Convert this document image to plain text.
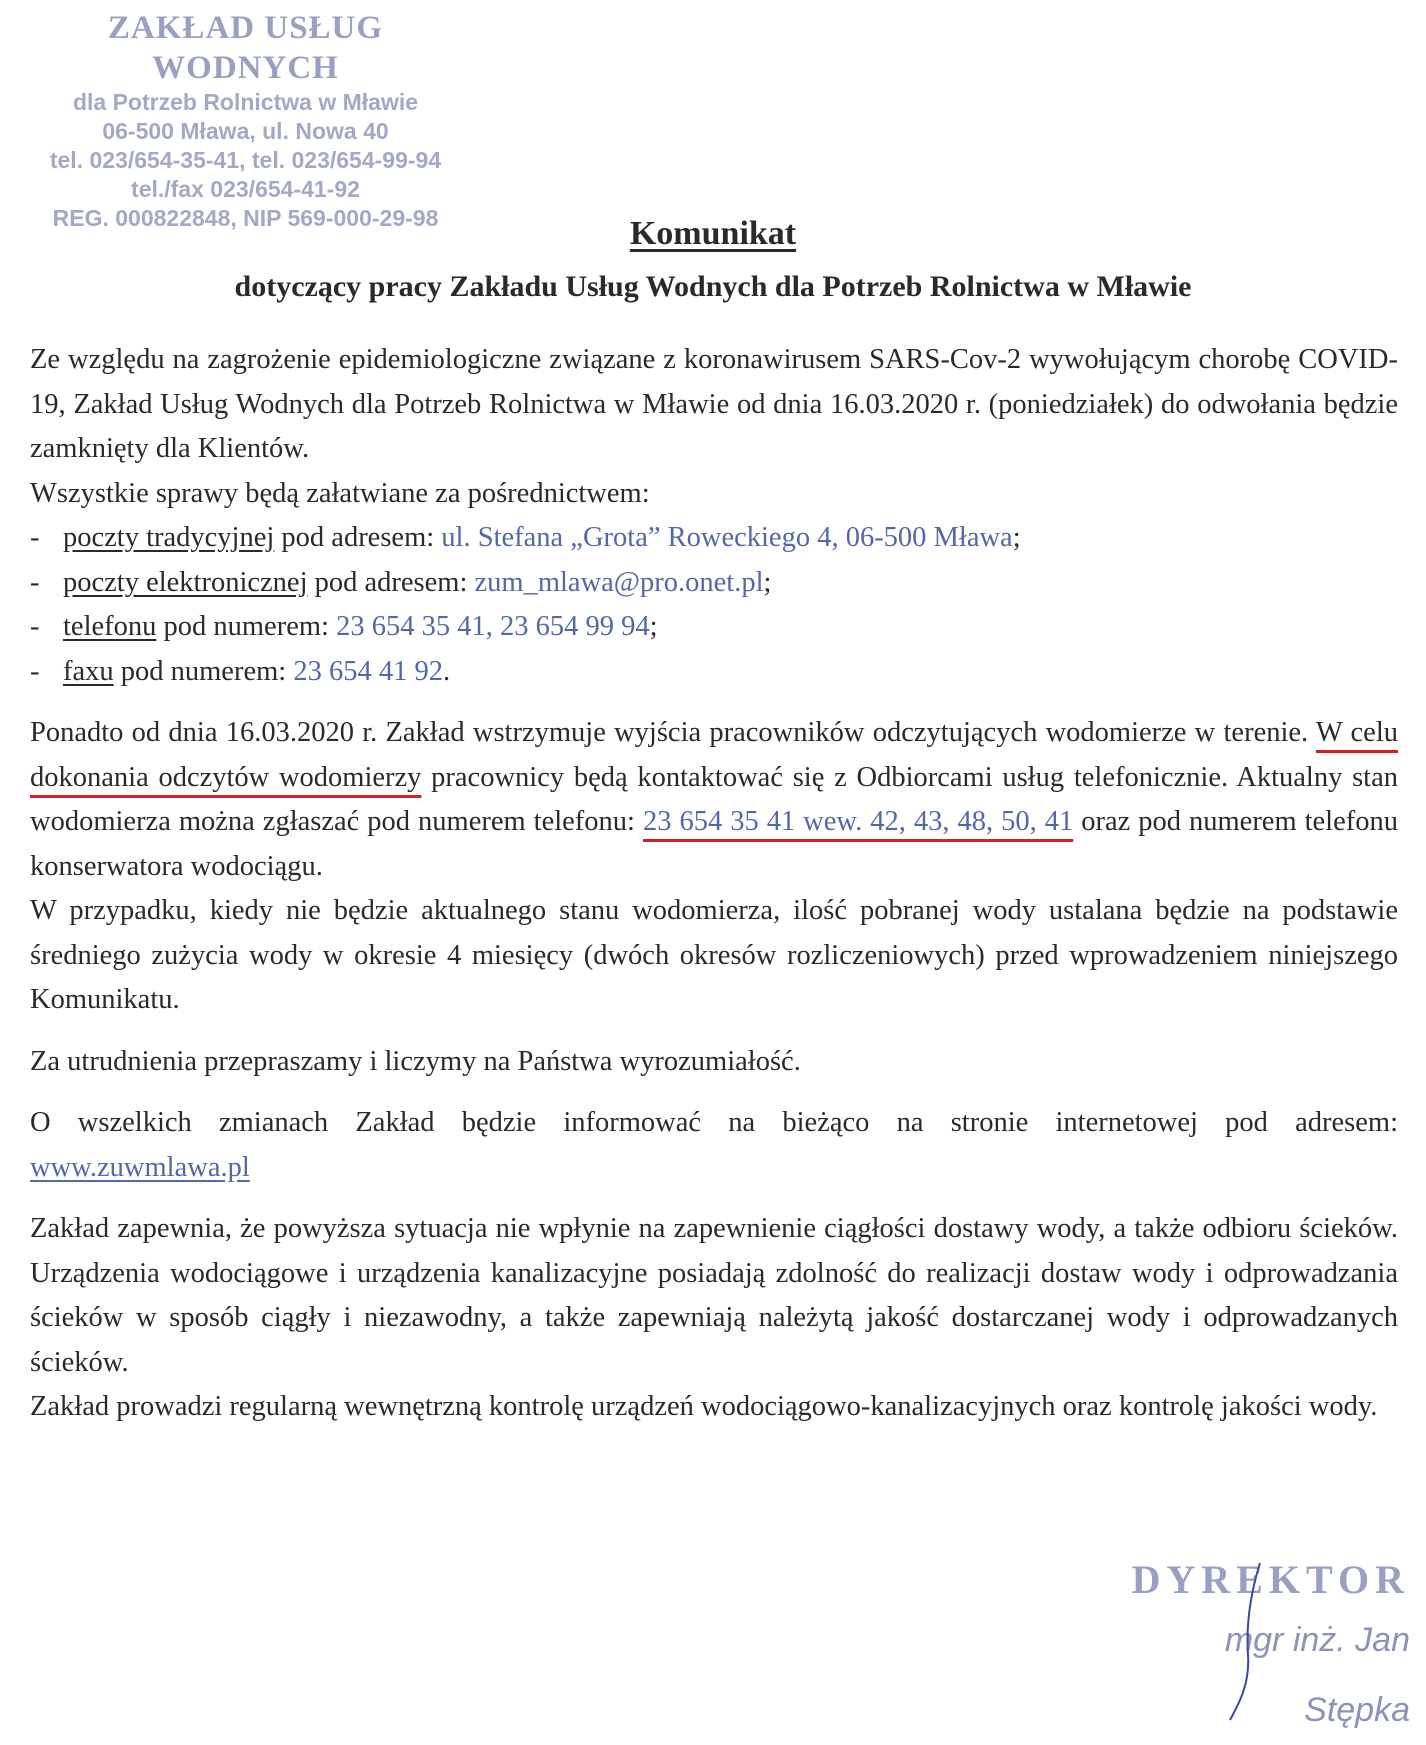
ZAKŁAD USŁUG WODNYCH
dla Potrzeb Rolnictwa w Mławie
06-500 Mława, ul. Nowa 40
tel. 023/654-35-41, tel. 023/654-99-94
tel./fax 023/654-41-92
REG. 000822848, NIP 569-000-29-98	Komunikat
dotyczący pracy Zakładu Usług Wodnych dla Potrzeb Rolnictwa w Mławie

Ze względu na zagrożenie epidemiologiczne związane z koronawirusem SARS-Cov-2 wywołującym chorobę COVID-19, Zakład Usług Wodnych dla Potrzeb Rolnictwa w Mławie od dnia 16.03.2020 r. (poniedziałek) do odwołania będzie zamknięty dla Klientów.

Wszystkie sprawy będą załatwiane za pośrednictwem:

- poczty tradycyjnej pod adresem: ul. Stefana „Grota” Roweckiego 4, 06-500 Mława;
- poczty elektronicznej pod adresem: zum_mlawa@pro.onet.pl;
- telefonu pod numerem: 23 654 35 41, 23 654 99 94;
- faxu pod numerem: 23 654 41 92.

Ponadto od dnia 16.03.2020 r. Zakład wstrzymuje wyjścia pracowników odczytujących wodomierze w terenie. W celu dokonania odczytów wodomierzy pracownicy będą kontaktować się z Odbiorcami usług telefonicznie. Aktualny stan wodomierza można zgłaszać pod numerem telefonu: 23 654 35 41 wew. 42, 43, 48, 50, 41 oraz pod numerem telefonu konserwatora wodociągu.

W przypadku, kiedy nie będzie aktualnego stanu wodomierza, ilość pobranej wody ustalana będzie na podstawie średniego zużycia wody w okresie 4 miesięcy (dwóch okresów rozliczeniowych) przed wprowadzeniem niniejszego Komunikatu.

Za utrudnienia przepraszamy i liczymy na Państwa wyrozumiałość.

O wszelkich zmianach Zakład będzie informować na bieżąco na stronie internetowej pod adresem:

www.zuwmlawa.pl

Zakład zapewnia, że powyższa sytuacja nie wpłynie na zapewnienie ciągłości dostawy wody, a także odbioru ścieków. Urządzenia wodociągowe i urządzenia kanalizacyjne posiadają zdolność do realizacji dostaw wody i odprowadzania ścieków w sposób ciągły i niezawodny, a także zapewniają należytą jakość dostarczanej wody i odprowadzanych ścieków.

Zakład prowadzi regularną wewnętrzną kontrolę urządzeń wodociągowo-kanalizacyjnych oraz kontrolę jakości wody.

DYREKTOR
mgr inż. Jan Stępka
